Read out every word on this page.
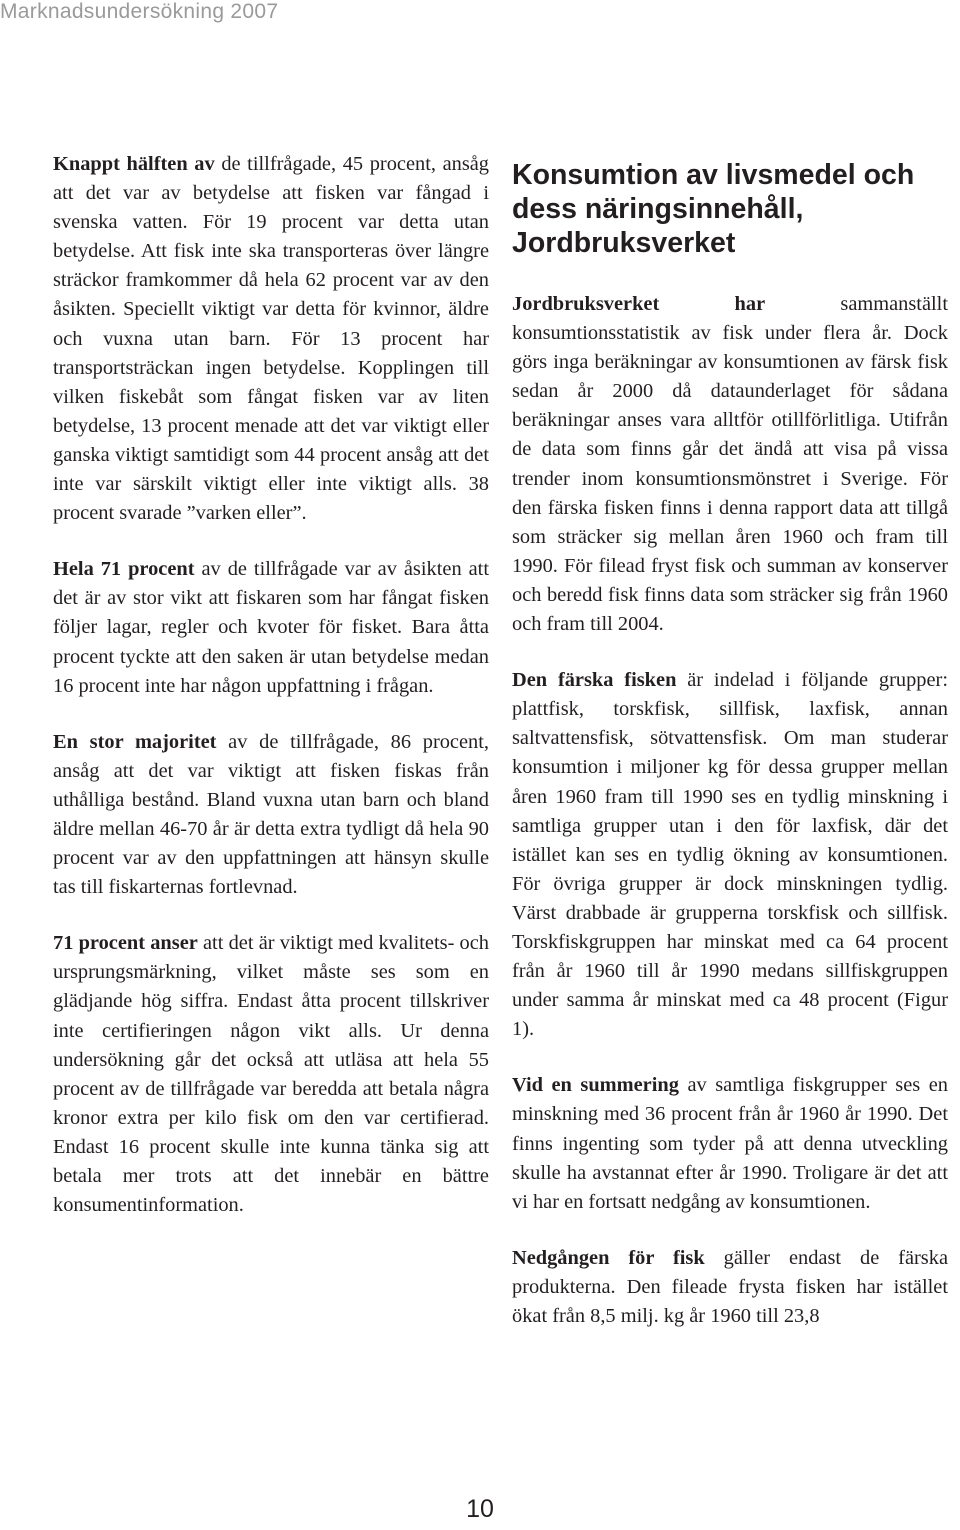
Marknadsundersökning 2007

Knappt hälften av de tillfrågade, 45 procent, ansåg att det var av betydelse att fisken var fångad i svenska vatten. För 19 procent var detta utan betydelse. Att fisk inte ska transporteras över längre sträckor framkommer då hela 62 procent var av den åsikten. Speciellt viktigt var detta för kvinnor, äldre och vuxna utan barn. För 13 procent har transportsträckan ingen betydelse. Kopplingen till vilken fiskebåt som fångat fisken var av liten betydelse, 13 procent menade att det var viktigt eller ganska viktigt samtidigt som 44 procent ansåg att det inte var särskilt viktigt eller inte viktigt alls. 38 procent svarade ”varken eller”.

Hela 71 procent av de tillfrågade var av åsikten att det är av stor vikt att fiskaren som har fångat fisken följer lagar, regler och kvoter för fisket. Bara åtta procent tyckte att den saken är utan betydelse medan 16 procent inte har någon uppfattning i frågan.

En stor majoritet av de tillfrågade, 86 procent, ansåg att det var viktigt att fisken fiskas från uthålliga bestånd. Bland vuxna utan barn och bland äldre mellan 46-70 år är detta extra tydligt då hela 90 procent var av den uppfattningen att hänsyn skulle tas till fiskarternas fortlevnad.

71 procent anser att det är viktigt med kvalitets- och ursprungsmärkning, vilket måste ses som en glädjande hög siffra. Endast åtta procent tillskriver inte certifieringen någon vikt alls. Ur denna undersökning går det också att utläsa att hela 55 procent av de tillfrågade var beredda att betala några kronor extra per kilo fisk om den var certifierad. Endast 16 procent skulle inte kunna tänka sig att betala mer trots att det innebär en bättre konsumentinformation.

Konsumtion av livsmedel och dess näringsinnehåll, Jordbruksverket

Jordbruksverket har sammanställt konsumtionsstatistik av fisk under flera år. Dock görs inga beräkningar av konsumtionen av färsk fisk sedan år 2000 då dataunderlaget för sådana beräkningar anses vara alltför otillförlitliga. Utifrån de data som finns går det ändå att visa på vissa trender inom konsumtionsmönstret i Sverige. För den färska fisken finns i denna rapport data att tillgå som sträcker sig mellan åren 1960 och fram till 1990. För filead fryst fisk och summan av konserver och beredd fisk finns data som sträcker sig från 1960 och fram till 2004.

Den färska fisken är indelad i följande grupper: plattfisk, torskfisk, sillfisk, laxfisk, annan saltvattensfisk, sötvattensfisk. Om man studerar konsumtion i miljoner kg för dessa grupper mellan åren 1960 fram till 1990 ses en tydlig minskning i samtliga grupper utan i den för laxfisk, där det istället kan ses en tydlig ökning av konsumtionen. För övriga grupper är dock minskningen tydlig. Värst drabbade är grupperna torskfisk och sillfisk. Torskfiskgruppen har minskat med ca 64 procent från år 1960 till år 1990 medans sillfiskgruppen under samma år minskat med ca 48 procent (Figur 1).

Vid en summering av samtliga fiskgrupper ses en minskning med 36 procent från år 1960 år 1990. Det finns ingenting som tyder på att denna utveckling skulle ha avstannat efter år 1990. Troligare är det att vi har en fortsatt nedgång av konsumtionen.

Nedgången för fisk gäller endast de färska produkterna. Den fileade frysta fisken har istället ökat från 8,5 milj. kg år 1960 till 23,8

10
